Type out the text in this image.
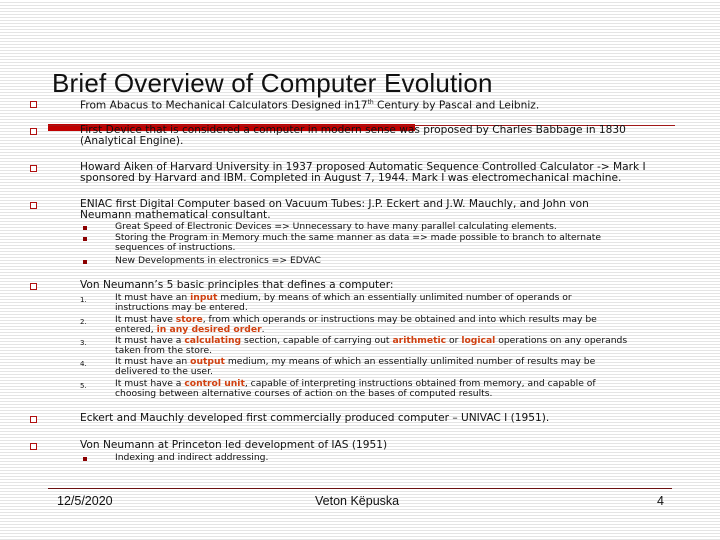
Brief Overview of Computer Evolution
From Abacus to Mechanical Calculators Designed in17th Century by Pascal and Leibniz.
First Device that is considered a computer in modern sense was proposed by Charles Babbage in 1830
(Analytical Engine).
Howard Aiken of Harvard University in 1937 proposed Automatic Sequence Controlled Calculator -> Mark I
sponsored by Harvard and IBM. Completed in August 7, 1944. Mark I was electromechanical machine.
ENIAC first Digital Computer based on Vacuum Tubes: J.P. Eckert and J.W. Mauchly, and John von
Neumann mathematical consultant.
Great Speed of Electronic Devices => Unnecessary to have many parallel calculating elements.
Storing the Program in Memory much the same manner as data => made possible to branch to alternate
sequences of instructions.
New Developments in electronics => EDVAC
Von Neumann’s 5 basic principles that defines a computer:
1.	It must have an input medium, by means of which an essentially unlimited number of operands or
instructions may be entered.
2.	It must have store, from which operands or instructions may be obtained and into which results may be
entered, in any desired order.
3.	It must have a calculating section, capable of carrying out arithmetic or logical operations on any operands
taken from the store.
4.	It must have an output medium, my means of which an essentially unlimited number of results may be
delivered to the user.
5.	It must have a control unit, capable of interpreting instructions obtained from memory, and capable of
choosing between alternative courses of action on the bases of computed results.
Eckert and Mauchly developed first commercially produced computer – UNIVAC I (1951).
Von Neumann at Princeton led development of IAS (1951)
Indexing and indirect addressing.
12/5/2020	Veton Këpuska	4
